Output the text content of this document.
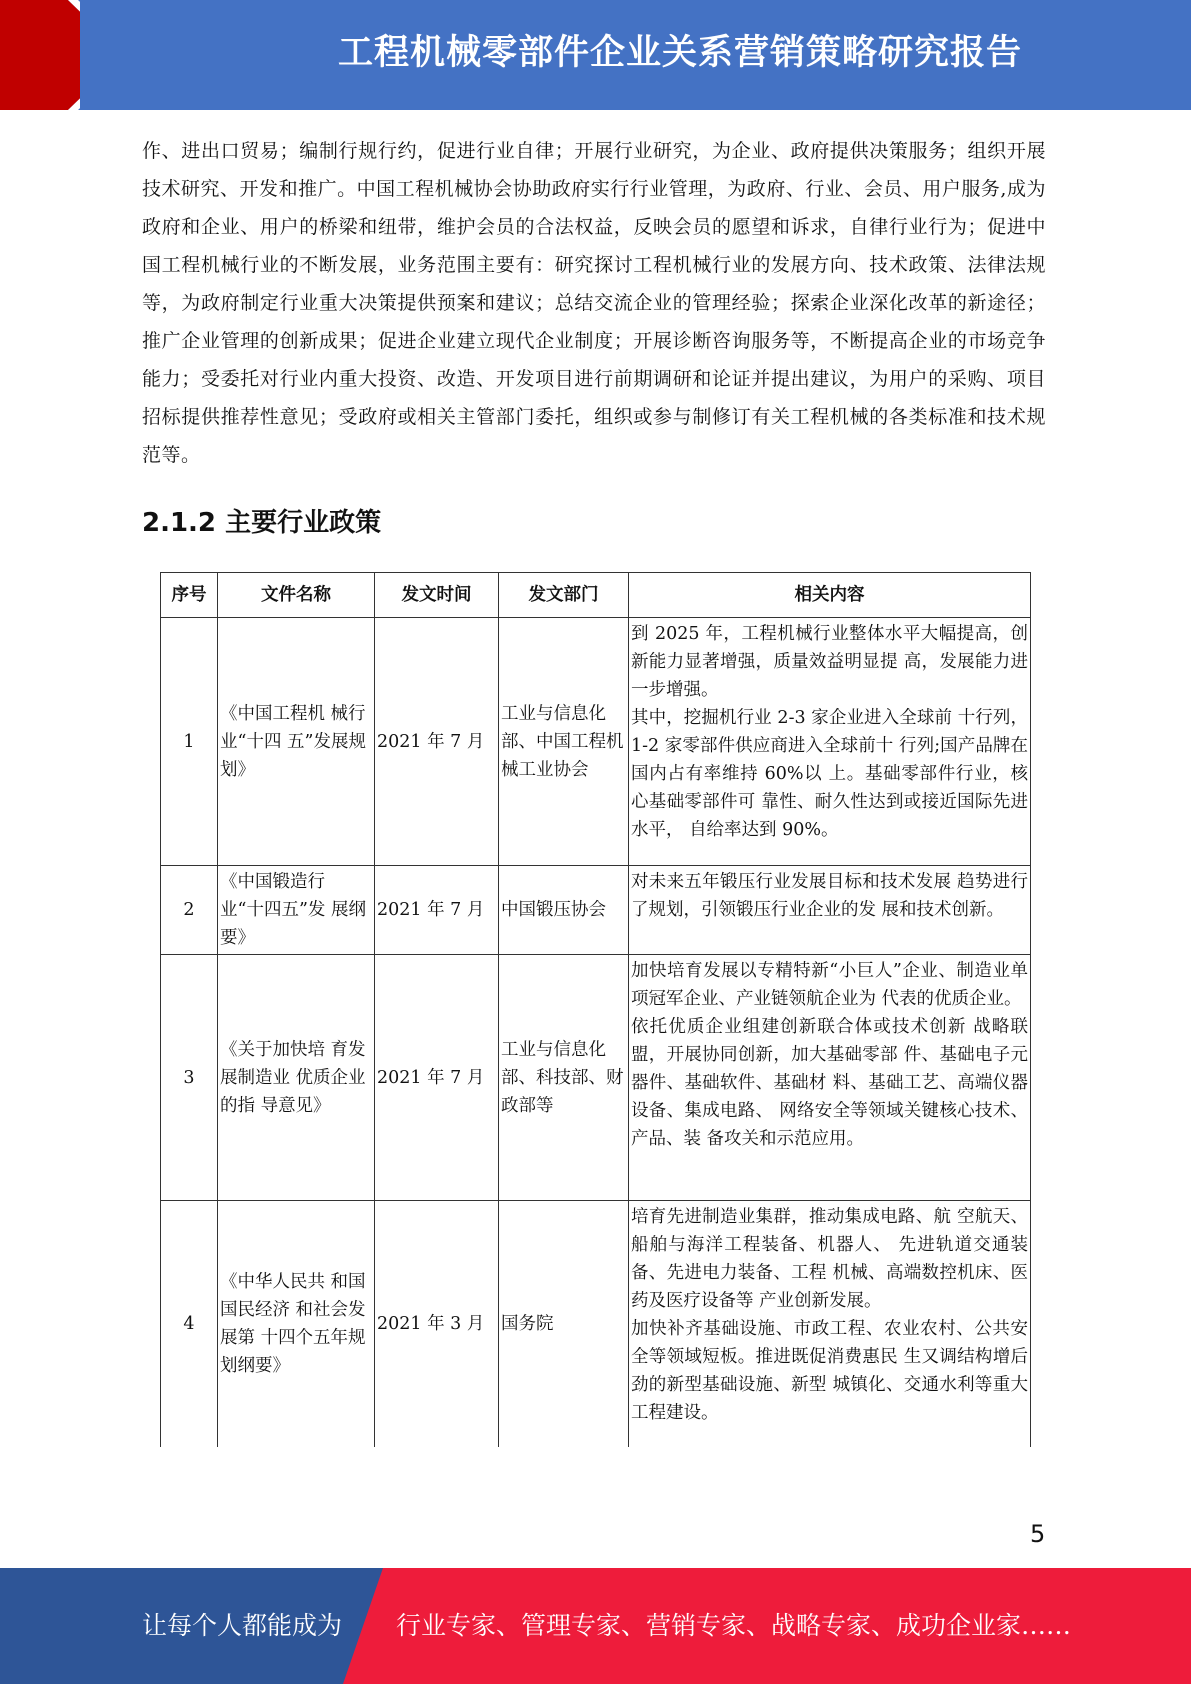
工程机械零部件企业关系营销策略研究报告

作、进出口贸易；编制行规行约，促进行业自律；开展行业研究，为企业、政府提供决策服务；组织开展技术研究、开发和推广。中国工程机械协会协助政府实行行业管理，为政府、行业、会员、用户服务,成为政府和企业、用户的桥梁和纽带，维护会员的合法权益，反映会员的愿望和诉求，自律行业行为；促进中国工程机械行业的不断发展，业务范围主要有：研究探讨工程机械行业的发展方向、技术政策、法律法规等，为政府制定行业重大决策提供预案和建议；总结交流企业的管理经验；探索企业深化改革的新途径；推广企业管理的创新成果；促进企业建立现代企业制度；开展诊断咨询服务等，不断提高企业的市场竞争能力；受委托对行业内重大投资、改造、开发项目进行前期调研和论证并提出建议，为用户的采购、项目招标提供推荐性意见；受政府或相关主管部门委托，组织或参与制修订有关工程机械的各类标准和技术规范等。

2.1.2 主要行业政策
序号	文件名称	发文时间	发文部门	相关内容
1	《中国工程机 械行业“十四 五”发展规划》	2021 年 7 月	工业与信息化部、中国工程机械工业协会	到 2025 年，工程机械行业整体水平大幅提高，创新能力显著增强，质量效益明显提 高，发展能力进一步增强。
其中，挖掘机行业 2-3 家企业进入全球前 十行列，1-2 家零部件供应商进入全球前十 行列;国产品牌在国内占有率维持 60%以 上。基础零部件行业，核心基础零部件可 靠性、耐久性达到或接近国际先进水平， 自给率达到 90%。
2	《中国锻造行 业“十四五”发 展纲要》	2021 年 7 月	中国锻压协会	对未来五年锻压行业发展目标和技术发展 趋势进行了规划，引领锻压行业企业的发 展和技术创新。
3	《关于加快培 育发展制造业 优质企业的指 导意见》	2021 年 7 月	工业与信息化部、科技部、财政部等	加快培育发展以专精特新“小巨人”企业、制造业单项冠军企业、产业链领航企业为 代表的优质企业。
依托优质企业组建创新联合体或技术创新 战略联盟，开展协同创新，加大基础零部 件、基础电子元器件、基础软件、基础材 料、基础工艺、高端仪器设备、集成电路、 网络安全等领域关键核心技术、产品、装 备攻关和示范应用。
4	《中华人民共 和国国民经济 和社会发展第 十四个五年规 划纲要》	2021 年 3 月	国务院	培育先进制造业集群，推动集成电路、航 空航天、船舶与海洋工程装备、机器人、 先进轨道交通装备、先进电力装备、工程 机械、高端数控机床、医药及医疗设备等 产业创新发展。
加快补齐基础设施、市政工程、农业农村、公共安全等领域短板。推进既促消费惠民 生又调结构增后劲的新型基础设施、新型 城镇化、交通水利等重大工程建设。
5
让每个人都能成为 行业专家、管理专家、营销专家、战略专家、成功企业家……
